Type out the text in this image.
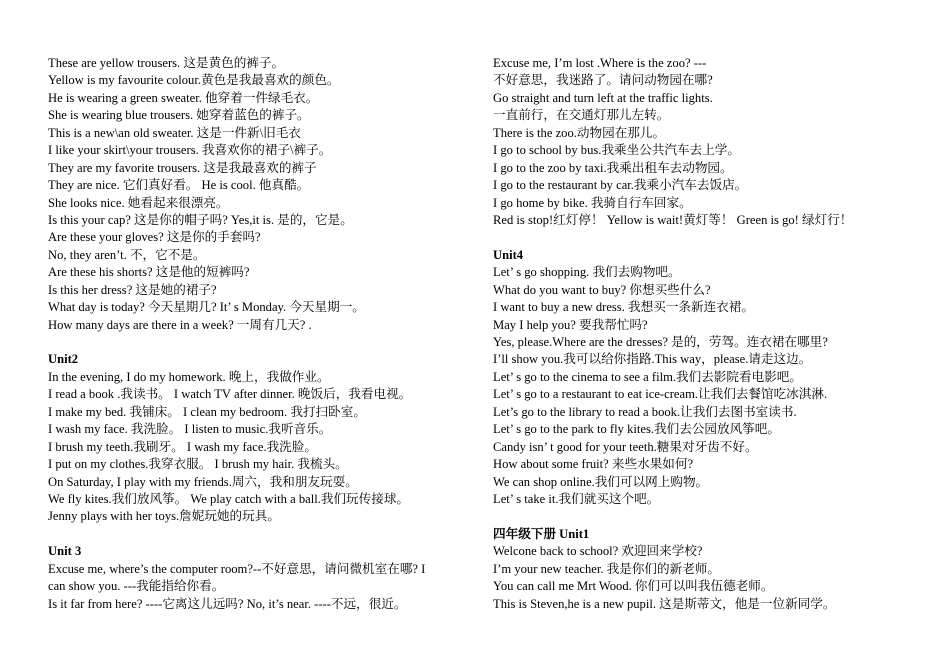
These are yellow trousers. 这是黄色的裤子。
Yellow is my favourite colour.黄色是我最喜欢的颜色。
He is wearing a green sweater. 他穿着一件绿毛衣。
She is wearing blue trousers. 她穿着蓝色的裤子。
This is a new\an old sweater. 这是一件新\旧毛衣
I like your skirt\your trousers. 我喜欢你的裙子\裤子。
They are my favorite trousers. 这是我最喜欢的裤子
They are nice. 它们真好看。 He is cool. 他真酷。
She looks nice. 她看起来很漂亮。
Is this your cap? 这是你的帽子吗? Yes,it is. 是的，它是。
Are these your gloves? 这是你的手套吗?
No, they aren’t. 不，它不是。
Are these his shorts? 这是他的短裤吗?
Is this her dress? 这是她的裙子?
What day is today? 今天星期几? It’ s Monday. 今天星期一。
How many days are there in a week? 一周有几天? .
Unit2
In the evening, I do my homework. 晚上，我做作业。
I read a book .我读书。 I watch TV after dinner. 晚饭后，我看电视。
I make my bed. 我铺床。 I clean my bedroom. 我打扫卧室。
I wash my face. 我洗脸。 I listen to music.我听音乐。
I brush my teeth.我刷牙。 I wash my face.我洗脸。
I put on my clothes.我穿衣服。 I brush my hair. 我梳头。
On Saturday, I play with my friends.周六，我和朋友玩耍。
We fly kites.我们放风筝。 We play catch with a ball.我们玩传接球。
Jenny plays with her toys.詹妮玩她的玩具。
Unit 3
Excuse me, where’s the computer room?--不好意思，请问微机室在哪? I
can show you. ---我能指给你看。
Is it far from here? ----它离这儿远吗? No, it’s near. ----不远，很近。
Excuse me, I’m lost .Where is the zoo? ---
不好意思，我迷路了。请问动物园在哪?
Go straight and turn left at the traffic lights.
一直前行，在交通灯那儿左转。
There is the zoo.动物园在那儿。
I go to school by bus.我乘坐公共汽车去上学。
I go to the zoo by taxi.我乘出租车去动物园。
I go to the restaurant by car.我乘小汽车去饭店。
I go home by bike. 我骑自行车回家。
Red is stop!红灯停！ Yellow is wait!黄灯等！ Green is go! 绿灯行！
Unit4
Let’ s go shopping. 我们去购物吧。
What do you want to buy? 你想买些什么?
I want to buy a new dress. 我想买一条新连衣裙。
May I help you? 要我帮忙吗?
Yes, please.Where are the dresses? 是的，劳驾。连衣裙在哪里?
I’ll show you.我可以给你指路.This way，please.请走这边。
Let’ s go to the cinema to see a film.我们去影院看电影吧。
Let’ s go to a restaurant to eat ice-cream.让我们去餐馆吃冰淇淋.
Let’s go to the library to read a book.让我们去图书室读书.
Let’ s go to the park to fly kites.我们去公园放风筝吧。
Candy isn’ t good for your teeth.糖果对牙齿不好。
How about some fruit? 来些水果如何?
We can shop online.我们可以网上购物。
Let’ s take it.我们就买这个吧。
四年级下册 Unit1
Welcone back to school? 欢迎回来学校?
I’m your new teacher. 我是你们的新老师。
You can call me Mrt Wood. 你们可以叫我伍德老师。
This is Steven,he is a new pupil. 这是斯蒂文，他是一位新同学。
